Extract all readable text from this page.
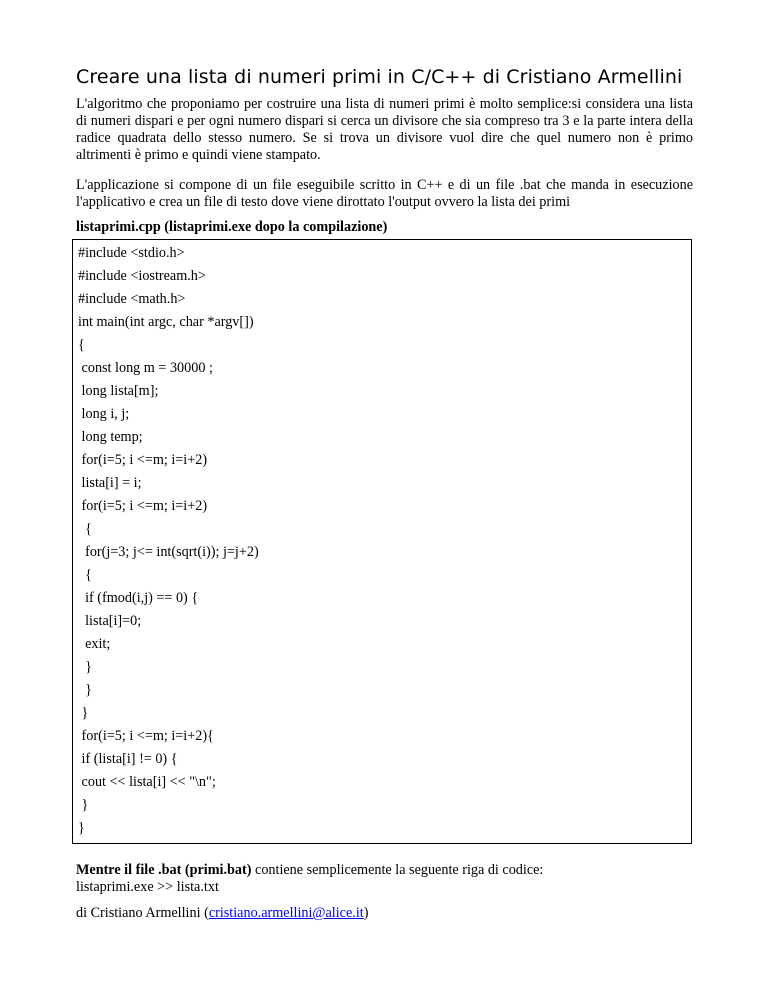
Creare una lista di numeri primi in C/C++ di Cristiano Armellini

L'algoritmo che proponiamo per costruire una lista di numeri primi è molto semplice:si considera una lista di numeri dispari e per ogni numero dispari si cerca un divisore che sia compreso tra 3 e la parte intera della radice quadrata dello stesso numero. Se si trova un divisore vuol dire che quel numero non è primo altrimenti è primo e quindi viene stampato.

L'applicazione si compone di un file eseguibile scritto in C++ e di un file .bat che manda in esecuzione l'applicativo e crea un file di testo dove viene dirottato l'output ovvero la lista dei primi

listaprimi.cpp (listaprimi.exe dopo la compilazione)
#include <stdio.h>
#include <iostream.h>
#include <math.h>
int main(int argc, char *argv[])
{
const long m = 30000 ;
long lista[m];
long i, j;
long temp;
for(i=5; i <=m; i=i+2)
lista[i] = i;
for(i=5; i <=m; i=i+2)
{
for(j=3; j<= int(sqrt(i)); j=j+2)
{
if (fmod(i,j) == 0) {
lista[i]=0;
exit;
}
}
}
for(i=5; i <=m; i=i+2){
if (lista[i] != 0) {
cout << lista[i] << "\n";
}
}
Mentre il file .bat (primi.bat) contiene semplicemente la seguente riga di codice:
listaprimi.exe >> lista.txt
di Cristiano Armellini (cristiano.armellini@alice.it)
